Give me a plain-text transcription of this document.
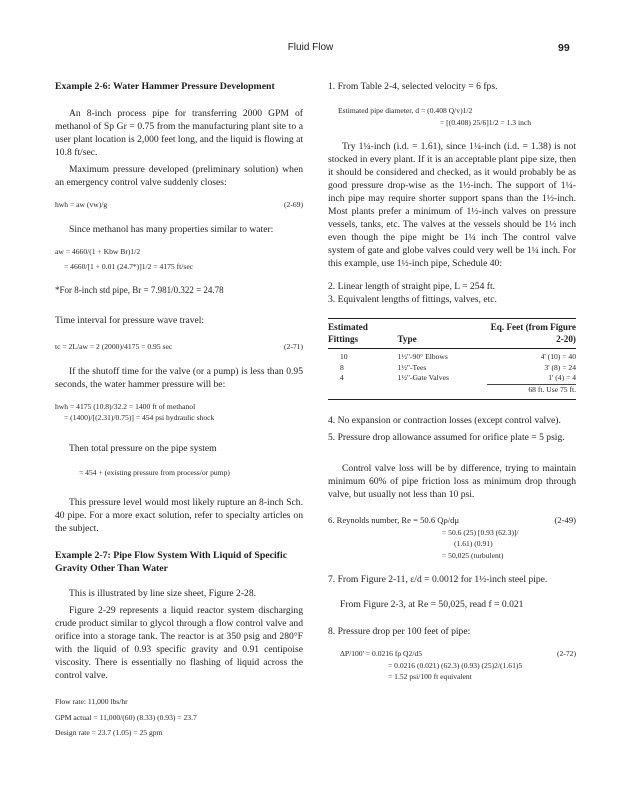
Fluid Flow	99

Example 2-6: Water Hammer Pressure Development

An 8-inch process pipe for transferring 2000 GPM of methanol of Sp Gr = 0.75 from the manufacturing plant site to a user plant location is 2,000 feet long, and the liquid is flowing at 10.8 ft/sec.

Maximum pressure developed (preliminary solution) when an emergency control valve suddenly closes:

hwh = aw (vw)/g	(2-69)

Since methanol has many properties similar to water:

aw = 4660/(1 + Kbw Br)1/2
= 4660/[1 + 0.01 (24.7*)]1/2 = 4175 ft/sec

*For 8-inch std pipe, Br = 7.981/0.322 = 24.78

Time interval for pressure wave travel:

tc = 2L/aw = 2 (2000)/4175 = 0.95 sec	(2-71)

If the shutoff time for the valve (or a pump) is less than 0.95 seconds, the water hammer pressure will be:

hwh = 4175 (10.8)/32.2 = 1400 ft of methanol
= (1400)/[(2.31)/0.75)] = 454 psi hydraulic shock

Then total pressure on the pipe system

= 454 + (existing pressure from process/or pump)

This pressure level would most likely rupture an 8-inch Sch. 40 pipe. For a more exact solution, refer to specialty articles on the subject.

Example 2-7: Pipe Flow System With Liquid of Specific Gravity Other Than Water

This is illustrated by line size sheet, Figure 2-28.

Figure 2-29 represents a liquid reactor system discharging crude product similar to glycol through a flow control valve and orifice into a storage tank. The reactor is at 350 psig and 280°F with the liquid of 0.93 specific gravity and 0.91 centipoise viscosity. There is essentially no flashing of liquid across the control valve.

Flow rate: 11,000 lbs/hr
GPM actual = 11,000/(60) (8.33) (0.93) = 23.7
Design rate = 23.7 (1.05) = 25 gpm

1. From Table 2-4, selected velocity = 6 fps.

Estimated pipe diameter, d = (0.408 Q/v)1/2
= [(0.408) 25/6]1/2 = 1.3 inch

Try 1¼-inch (i.d. = 1.61), since 1¼-inch (i.d. = 1.38) is not stocked in every plant. If it is an acceptable plant pipe size, then it should be considered and checked, as it would probably be as good pressure drop-wise as the 1½-inch. The support of 1¼-inch pipe may require shorter support spans than the 1½-inch. Most plants prefer a minimum of 1½-inch valves on pressure vessels, tanks, etc. The valves at the vessels should be 1½ inch even though the pipe might be 1¼ inch The control valve system of gate and globe valves could very well be 1¼ inch. For this example, use 1½-inch pipe, Schedule 40:

2. Linear length of straight pipe, L = 254 ft.

3. Equivalent lengths of fittings, valves, etc.

Estimated Fittings	Type	Eq. Feet (from Figure 2-20)

10	1½"-90° Elbows	4' (10) = 40
8	1½"-Tees	3' (8) = 24
4	1½"-Gate Valves	1' (4) = 4
		68 ft. Use 75 ft.

4. No expansion or contraction losses (except control valve).

5. Pressure drop allowance assumed for orifice plate = 5 psig.

Control valve loss will be by difference, trying to maintain minimum 60% of pipe friction loss as minimum drop through valve, but usually not less than 10 psi.

6. Reynolds number, Re = 50.6 Qρ/dμ	(2-49)
= 50.6 (25) [0.93 (62.3)]/
(1.61) (0.91)
= 50,025 (turbulent)

7. From Figure 2-11, ε/d = 0.0012 for 1½-inch steel pipe.

From Figure 2-3, at Re = 50,025, read f = 0.021

8. Pressure drop per 100 feet of pipe:

ΔP/100' = 0.0216 fρ Q2/d5	(2-72)
= 0.0216 (0.021) (62.3) (0.93) (25)2/(1.61)5
= 1.52 psi/100 ft equivalent
